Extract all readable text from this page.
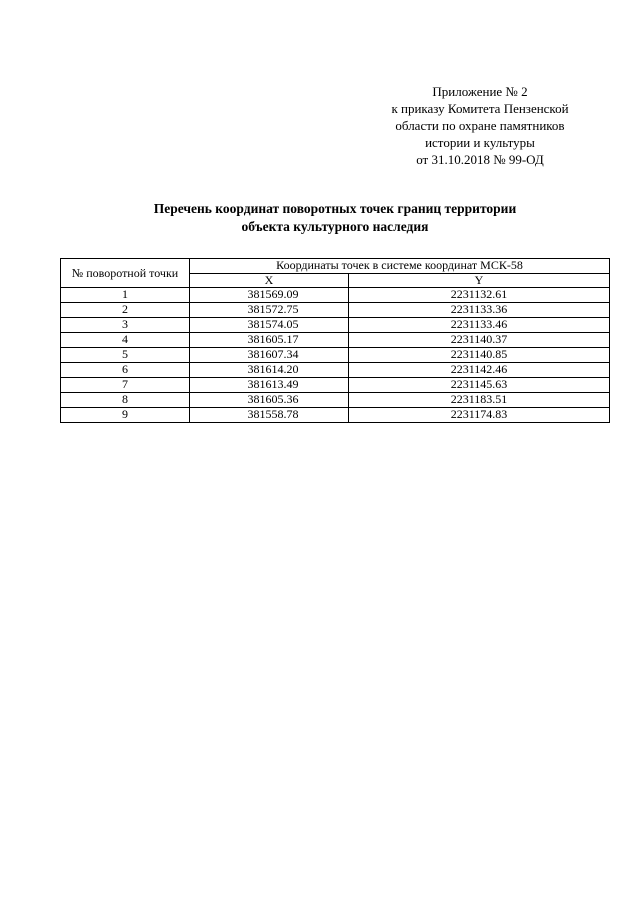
Приложение № 2
к приказу Комитета Пензенской
области по охране памятников
истории и культуры
от 31.10.2018 № 99-ОД
Перечень координат поворотных точек границ территории
объекта культурного наследия
№ поворотной точки	Координаты точек в системе координат МСК-58	
	X	Y
1	381569.09	2231132.61
2	381572.75	2231133.36
3	381574.05	2231133.46
4	381605.17	2231140.37
5	381607.34	2231140.85
6	381614.20	2231142.46
7	381613.49	2231145.63
8	381605.36	2231183.51
9	381558.78	2231174.83
